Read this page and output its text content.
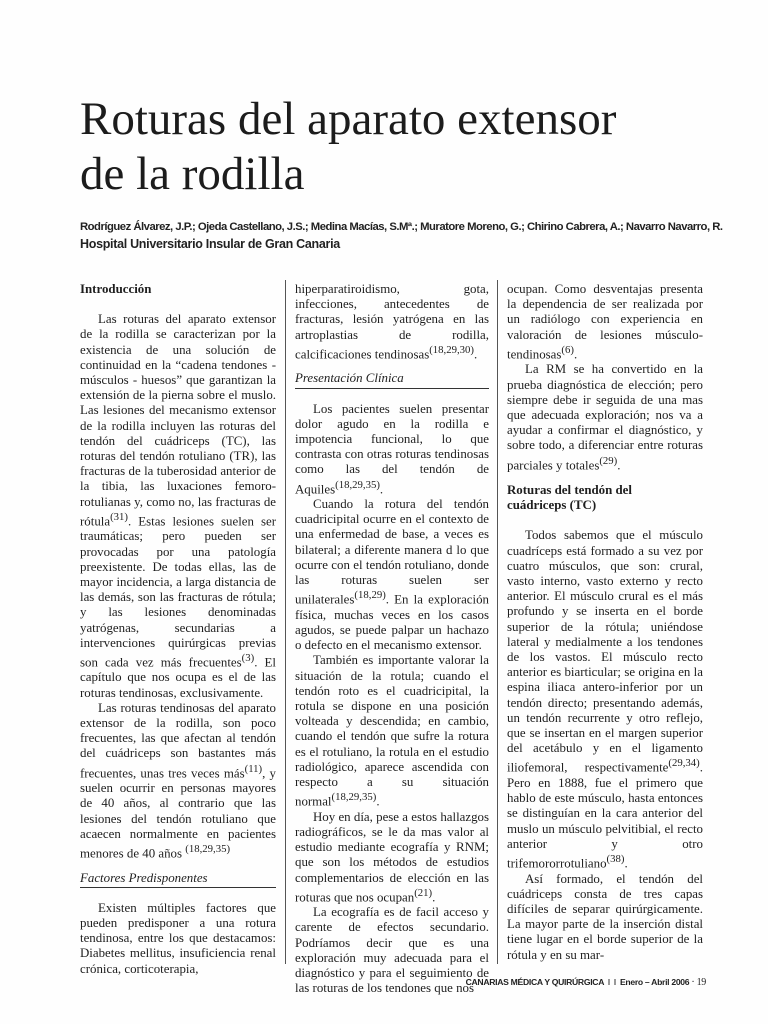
Roturas del aparato extensor
de la rodilla
Rodríguez Álvarez, J.P.; Ojeda Castellano, J.S.; Medina Macías, S.Mª.; Muratore Moreno, G.; Chirino Cabrera, A.; Navarro Navarro, R.
Hospital Universitario Insular de Gran Canaria
Introducción

Las roturas del aparato extensor de la rodilla se caracterizan por la existencia de una solución de continuidad en la “cadena tendones - músculos - huesos” que garantizan la extensión de la pierna sobre el muslo. Las lesiones del mecanismo extensor de la rodilla incluyen las roturas del tendón del cuádriceps (TC), las roturas del tendón rotuliano (TR), las fracturas de la tuberosidad anterior de la tibia, las luxaciones femoro-rotulianas y, como no, las fracturas de rótula$^{(31)}$. Estas lesiones suelen ser traumáticas; pero pueden ser provocadas por una patología preexistente. De todas ellas, las de mayor incidencia, a larga distancia de las demás, son las fracturas de rótula; y las lesiones denominadas yatrógenas, secundarias a intervenciones quirúrgicas previas son cada vez más frecuentes$^{(3)}$. El capítulo que nos ocupa es el de las roturas tendinosas, exclusivamente.

Las roturas tendinosas del aparato extensor de la rodilla, son poco frecuentes, las que afectan al tendón del cuádriceps son bastantes más frecuentes, unas tres veces más$^{(11)}$, y suelen ocurrir en personas mayores de 40 años, al contrario que las lesiones del tendón rotuliano que acaecen normalmente en pacientes menores de 40 años $^{(18,29,35)}$

Factores Predisponentes

Existen múltiples factores que pueden predisponer a una rotura tendinosa, entre los que destacamos: Diabetes mellitus, insuficiencia renal crónica, corticoterapia,

hiperparatiroidismo, gota, infecciones, antecedentes de fracturas, lesión yatrógena en las artroplastias de rodilla, calcificaciones tendinosas$^{(18,29,30)}$.

Presentación Clínica

Los pacientes suelen presentar dolor agudo en la rodilla e impotencia funcional, lo que contrasta con otras roturas tendinosas como las del tendón de Aquiles$^{(18,29,35)}$.

Cuando la rotura del tendón cuadricipital ocurre en el contexto de una enfermedad de base, a veces es bilateral; a diferente manera d lo que ocurre con el tendón rotuliano, donde las roturas suelen ser unilaterales$^{(18,29)}$. En la exploración física, muchas veces en los casos agudos, se puede palpar un hachazo o defecto en el mecanismo extensor.

También es importante valorar la situación de la rotula; cuando el tendón roto es el cuadricipital, la rotula se dispone en una posición volteada y descendida; en cambio, cuando el tendón que sufre la rotura es el rotuliano, la rotula en el estudio radiológico, aparece ascendida con respecto a su situación normal$^{(18,29,35)}$.

Hoy en día, pese a estos hallazgos radiográficos, se le da mas valor al estudio mediante ecografía y RNM; que son los métodos de estudios complementarios de elección en las roturas que nos ocupan$^{(21)}$.

La ecografía es de facil acceso y carente de efectos secundario. Podríamos decir que es una exploración muy adecuada para el diagnóstico y para el seguimiento de las roturas de los tendones que nos

ocupan. Como desventajas presenta la dependencia de ser realizada por un radiólogo con experiencia en valoración de lesiones músculo-tendinosas$^{(6)}$.

La RM se ha convertido en la prueba diagnóstica de elección; pero siempre debe ir seguida de una mas que adecuada exploración; nos va a ayudar a confirmar el diagnóstico, y sobre todo, a diferenciar entre roturas parciales y totales$^{(29)}$.

Roturas del tendón del
cuádriceps (TC)

Todos sabemos que el músculo cuadríceps está formado a su vez por cuatro músculos, que son: crural, vasto interno, vasto externo y recto anterior. El músculo crural es el más profundo y se inserta en el borde superior de la rótula; uniéndose lateral y medialmente a los tendones de los vastos. El músculo recto anterior es biarticular; se origina en la espina iliaca antero-inferior por un tendón directo; presentando además, un tendón recurrente y otro reflejo, que se insertan en el margen superior del acetábulo y en el ligamento iliofemoral, respectivamente$^{(29,34)}$. Pero en 1888, fue el primero que hablo de este músculo, hasta entonces se distinguían en la cara anterior del muslo un músculo pelvitibial, el recto anterior y otro trifemororrotuliano$^{(38)}$.

Así formado, el tendón del cuádriceps consta de tres capas difíciles de separar quirúrgicamente. La mayor parte de la inserción distal tiene lugar en el borde superior de la rótula y en su mar-

CANARIAS MÉDICA Y QUIRÚRGICA Enero – Abril 2006 · 19
